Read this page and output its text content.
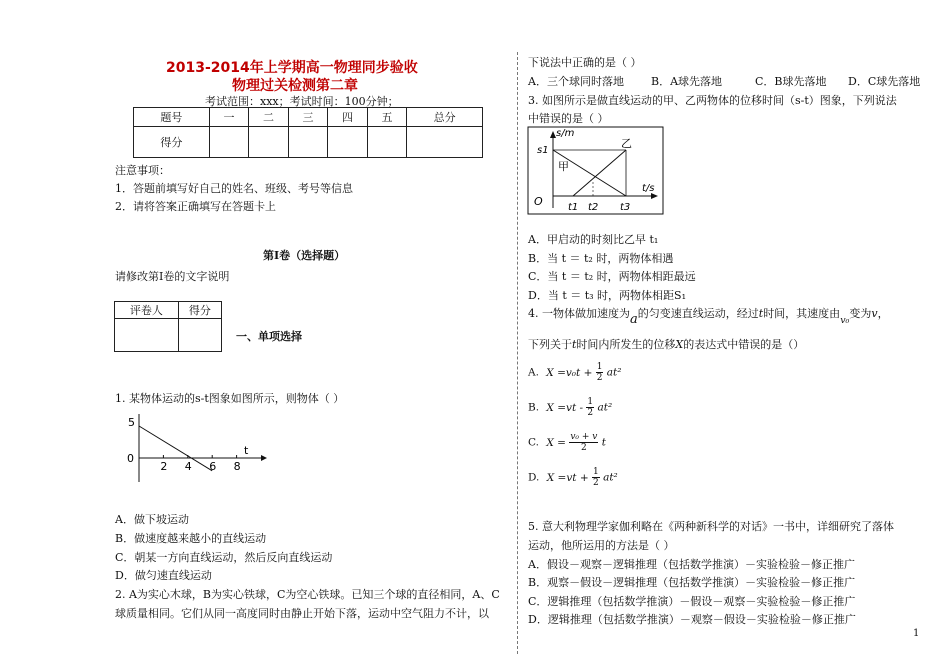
2013-2014年上学期高一物理同步验收
物理过关检测第二章
考试范围：xxx；考试时间：100分钟；
题号	一	二	三	四	五	总分
得分						
注意事项：
1．答题前填写好自己的姓名、班级、考号等信息
2．请将答案正确填写在答题卡上
第I卷（选择题）
请修改第I卷的文字说明
评卷人	得分

一、单项选择
1. 某物体运动的s-t图象如图所示，则物体（ ）
5
t
0
2 4 6 8
A．做下坡运动
B．做速度越来越小的直线运动
C．朝某一方向直线运动，然后反向直线运动
D．做匀速直线运动
2. A为实心木球，B为实心铁球，C为空心铁球。已知三个球的直径相同，A、C
球质量相同。它们从同一高度同时由静止开始下落，运动中空气阻力不计，以
下说法中正确的是（ ）
A．三个球同时落地 B．A球先落地	C．B球先落地 D．C球先落地
3. 如图所示是做直线运动的甲、乙两物体的位移时间（s-t）图象，下列说法
中错误的是（ ）
s/m
s1
甲
乙
t/s
O	t1 t2 t3
A．甲启动的时刻比乙早 t₁
B．当 t ＝ t₂ 时，两物体相遇
C．当 t ＝ t₂ 时，两物体相距最远
D．当 t ＝ t₃ 时，两物体相距S₁
4. 一物体做加速度为a的匀变速直线运动，经过t时间，其速度由v₀变为v，
下列关于t时间内所发生的位移X的表达式中错误的是（）
A. $X =v_0t + \frac{1}{2} at^2$
B. $X =vt - \frac{1}{2} at^2$
C. $X = \frac{\text{v₀ + v}}{2}$ t
D. $X =vt + \frac{1}{2} at^2$
5. 意大利物理学家伽利略在《两种新科学的对话》一书中，详细研究了落体
运动，他所运用的方法是（ ）
A．假设－观察－逻辑推理（包括数学推演）－实验检验－修正推广
B．观察－假设－逻辑推理（包括数学推演）－实验检验－修正推广
C．逻辑推理（包括数学推演）－假设－观察－实验检验－修正推广
D．逻辑推理（包括数学推演）－观察－假设－实验检验－修正推广
1
